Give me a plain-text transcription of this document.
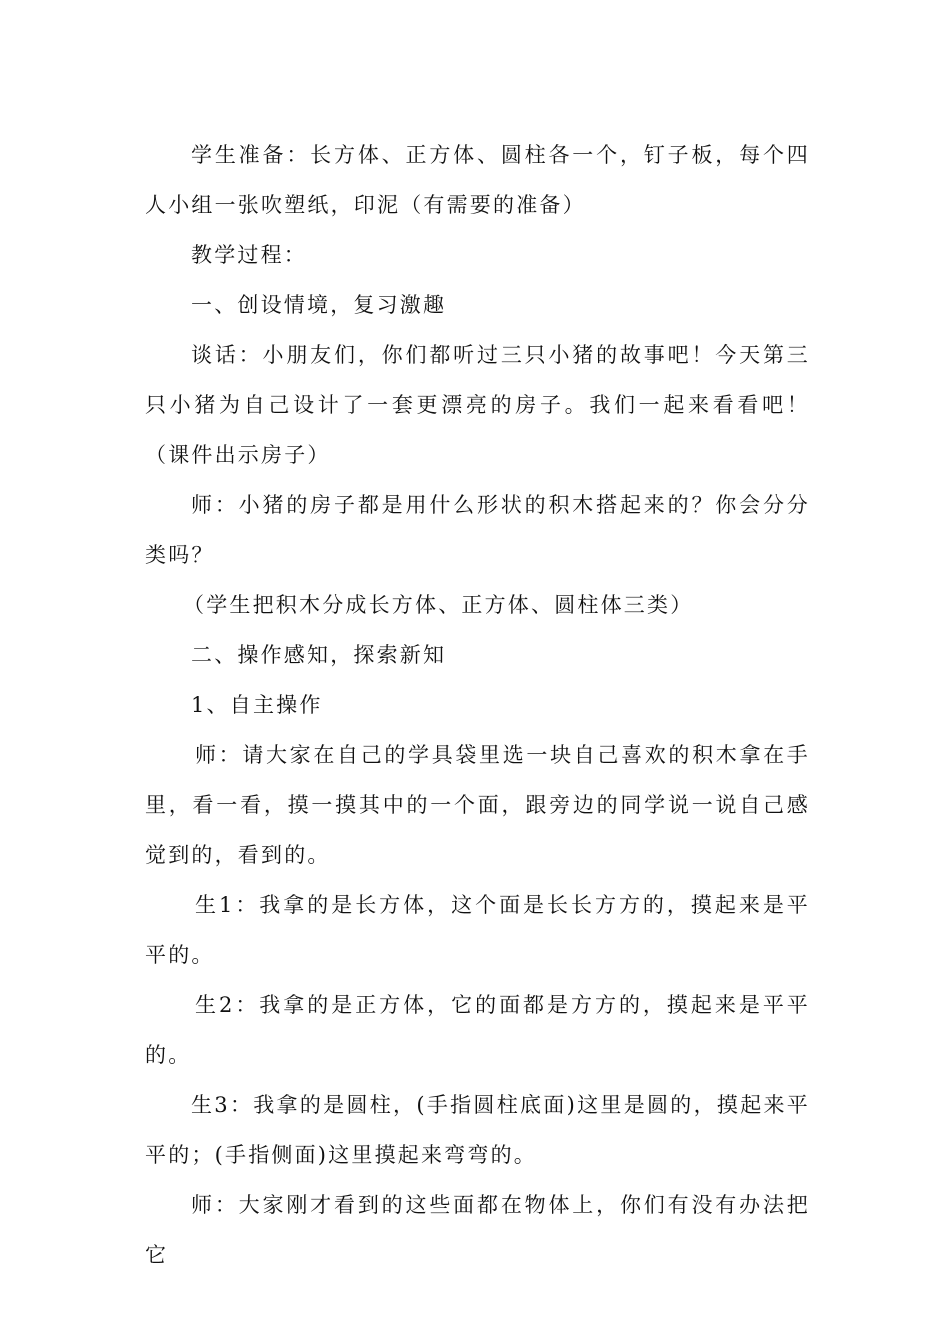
学生准备：长方体、正方体、圆柱各一个，钉子板，每个四人小组一张吹塑纸，印泥（有需要的准备）

教学过程：

一、创设情境，复习激趣

谈话：小朋友们，你们都听过三只小猪的故事吧！今天第三只小猪为自己设计了一套更漂亮的房子。我们一起来看看吧！（课件出示房子）

师：小猪的房子都是用什么形状的积木搭起来的？你会分分类吗？

（学生把积木分成长方体、正方体、圆柱体三类）

二、操作感知，探索新知

1、自主操作

师：请大家在自己的学具袋里选一块自己喜欢的积木拿在手里，看一看，摸一摸其中的一个面，跟旁边的同学说一说自己感觉到的，看到的。

生1：我拿的是长方体，这个面是长长方方的，摸起来是平平的。

生2：我拿的是正方体，它的面都是方方的，摸起来是平平的。

生3：我拿的是圆柱，(手指圆柱底面)这里是圆的，摸起来平平的；(手指侧面)这里摸起来弯弯的。

师：大家刚才看到的这些面都在物体上，你们有没有办法把它
